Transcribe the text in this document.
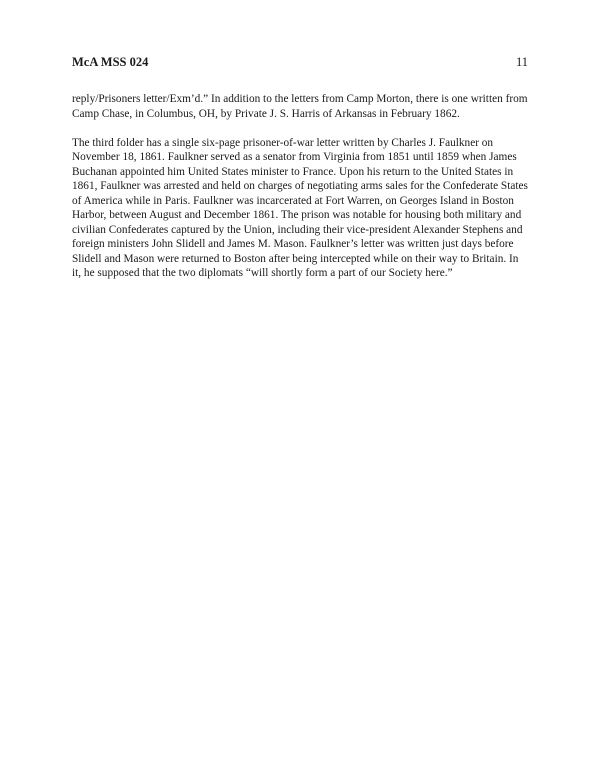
McA MSS 024	11

reply/Prisoners letter/Exm’d.” In addition to the letters from Camp Morton, there is one written from Camp Chase, in Columbus, OH, by Private J. S. Harris of Arkansas in February 1862.

The third folder has a single six-page prisoner-of-war letter written by Charles J. Faulkner on November 18, 1861. Faulkner served as a senator from Virginia from 1851 until 1859 when James Buchanan appointed him United States minister to France. Upon his return to the United States in 1861, Faulkner was arrested and held on charges of negotiating arms sales for the Confederate States of America while in Paris. Faulkner was incarcerated at Fort Warren, on Georges Island in Boston Harbor, between August and December 1861. The prison was notable for housing both military and civilian Confederates captured by the Union, including their vice-president Alexander Stephens and foreign ministers John Slidell and James M. Mason. Faulkner’s letter was written just days before Slidell and Mason were returned to Boston after being intercepted while on their way to Britain. In it, he supposed that the two diplomats “will shortly form a part of our Society here.”
